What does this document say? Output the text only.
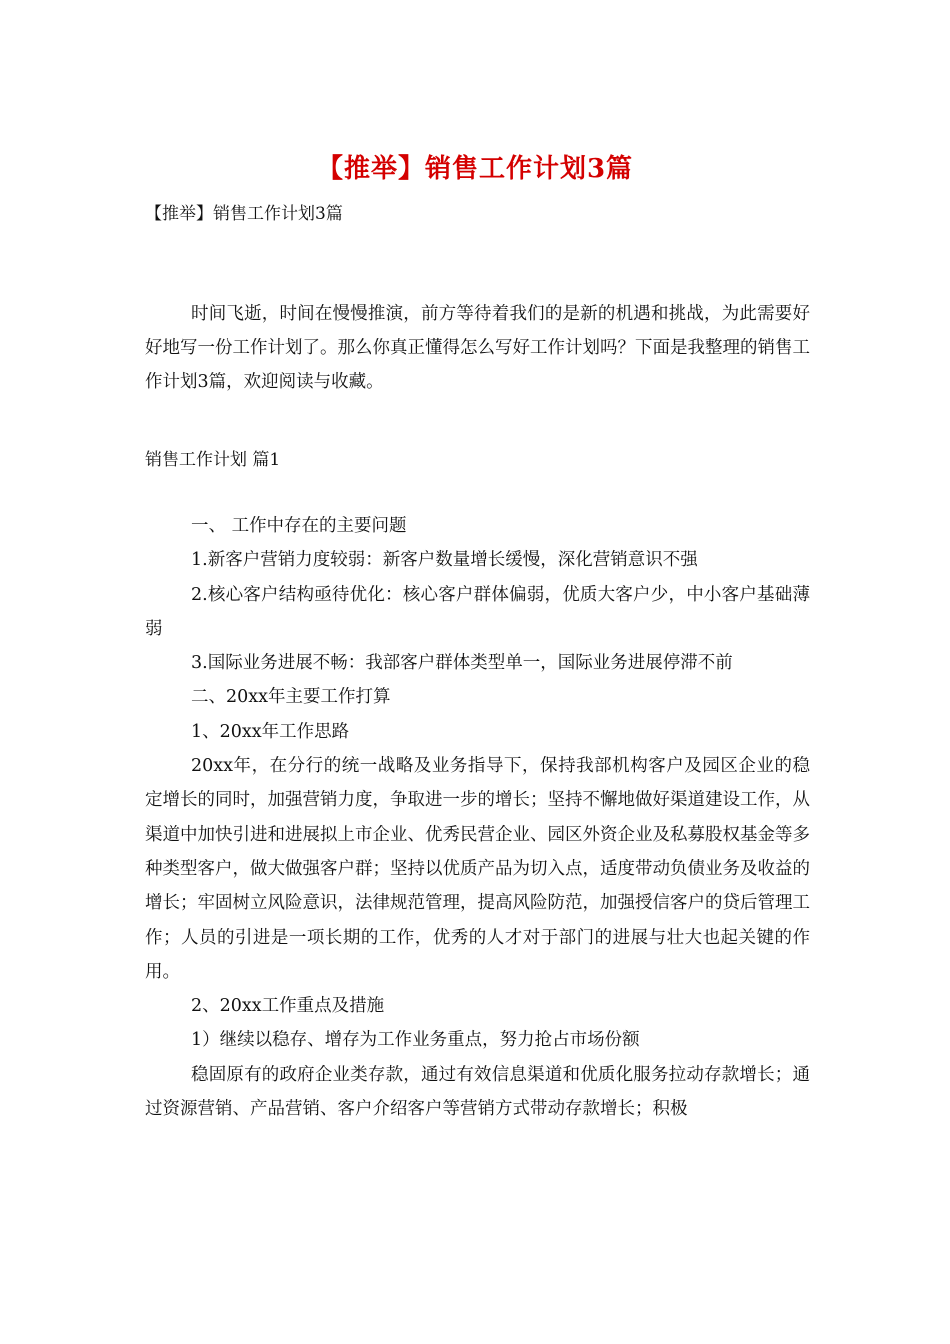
【推举】销售工作计划3篇
【推举】销售工作计划3篇

时间飞逝，时间在慢慢推演，前方等待着我们的是新的机遇和挑战，为此需要好好地写一份工作计划了。那么你真正懂得怎么写好工作计划吗？下面是我整理的销售工作计划3篇，欢迎阅读与收藏。

销售工作计划 篇1

一、 工作中存在的主要问题

1.新客户营销力度较弱：新客户数量增长缓慢，深化营销意识不强

2.核心客户结构亟待优化：核心客户群体偏弱，优质大客户少，中小客户基础薄弱

3.国际业务进展不畅：我部客户群体类型单一，国际业务进展停滞不前

二、20xx年主要工作打算

1、20xx年工作思路

20xx年，在分行的统一战略及业务指导下，保持我部机构客户及园区企业的稳定增长的同时，加强营销力度，争取进一步的增长；坚持不懈地做好渠道建设工作，从渠道中加快引进和进展拟上市企业、优秀民营企业、园区外资企业及私募股权基金等多种类型客户，做大做强客户群；坚持以优质产品为切入点，适度带动负债业务及收益的增长；牢固树立风险意识，法律规范管理，提高风险防范，加强授信客户的贷后管理工作；人员的引进是一项长期的工作，优秀的人才对于部门的进展与壮大也起关键的作用。

2、20xx工作重点及措施

1）继续以稳存、增存为工作业务重点，努力抢占市场份额

稳固原有的政府企业类存款，通过有效信息渠道和优质化服务拉动存款增长；通过资源营销、产品营销、客户介绍客户等营销方式带动存款增长；积极
